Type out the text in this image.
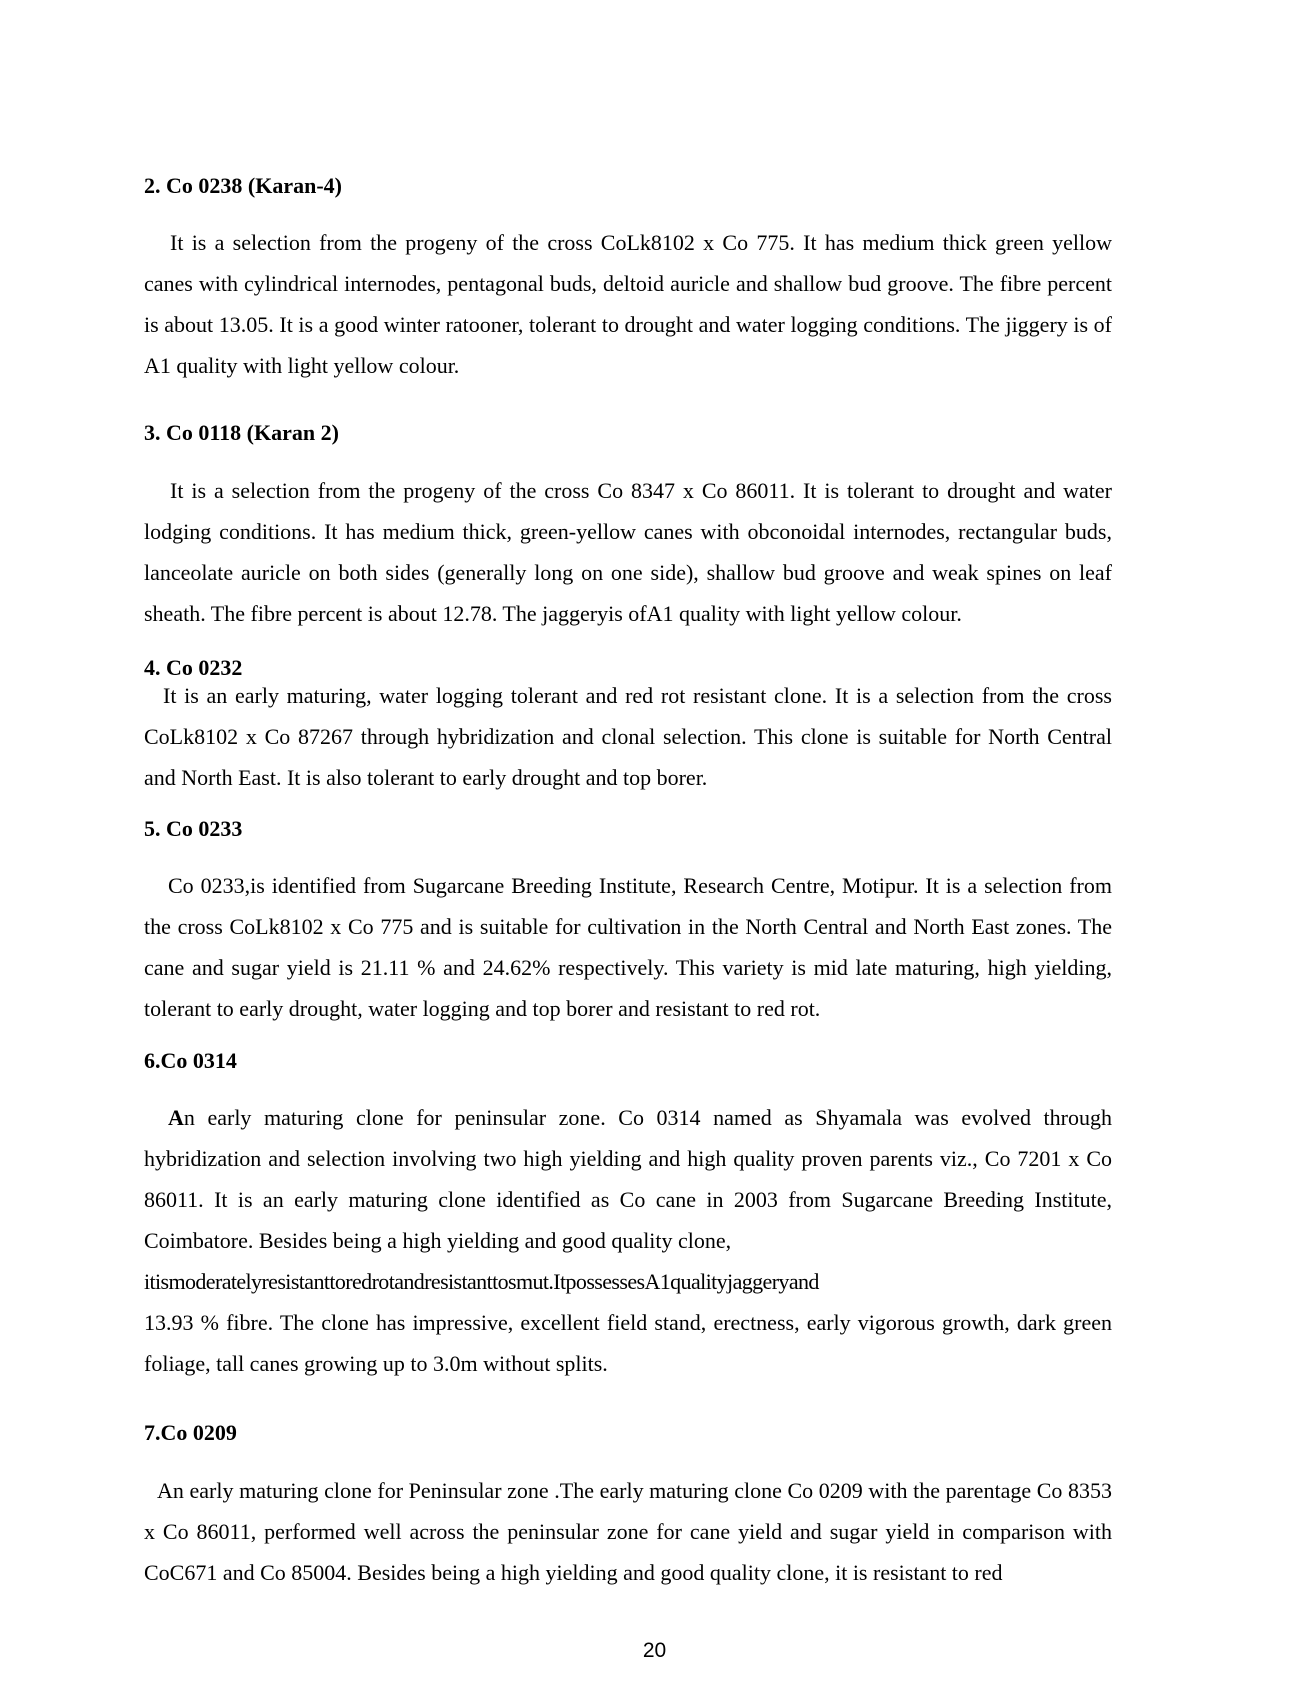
2. Co 0238 (Karan-4)

It is a selection from the progeny of the cross CoLk8102 x Co 775. It has medium thick green yellow canes with cylindrical internodes, pentagonal buds, deltoid auricle and shallow bud groove. The fibre percent is about 13.05. It is a good winter ratooner, tolerant to drought and water logging conditions. The jiggery is of A1 quality with light yellow colour.

3. Co 0118 (Karan 2)

It is a selection from the progeny of the cross Co 8347 x Co 86011. It is tolerant to drought and water lodging conditions. It has medium thick, green-yellow canes with obconoidal internodes, rectangular buds, lanceolate auricle on both sides (generally long on one side), shallow bud groove and weak spines on leaf sheath. The fibre percent is about 12.78. The jaggeryis ofA1 quality with light yellow colour.

4. Co 0232

It is an early maturing, water logging tolerant and red rot resistant clone. It is a selection from the cross CoLk8102 x Co 87267 through hybridization and clonal selection. This clone is suitable for North Central and North East. It is also tolerant to early drought and top borer.

5. Co 0233

Co 0233,is identified from Sugarcane Breeding Institute, Research Centre, Motipur. It is a selection from the cross CoLk8102 x Co 775 and is suitable for cultivation in the North Central and North East zones. The cane and sugar yield is 21.11 % and 24.62% respectively. This variety is mid late maturing, high yielding, tolerant to early drought, water logging and top borer and resistant to red rot.

6.Co 0314

An early maturing clone for peninsular zone. Co 0314 named as Shyamala was evolved through hybridization and selection involving two high yielding and high quality proven parents viz., Co 7201 x Co 86011. It is an early maturing clone identified as Co cane in 2003 from Sugarcane Breeding Institute, Coimbatore. Besides being a high yielding and good quality clone,

itismoderatelyresistanttoredrotandresistanttosmut.ItpossessesA1qualityjaggeryand

13.93 % fibre. The clone has impressive, excellent field stand, erectness, early vigorous growth, dark green foliage, tall canes growing up to 3.0m without splits.

7.Co 0209

An early maturing clone for Peninsular zone .The early maturing clone Co 0209 with the parentage Co 8353 x Co 86011, performed well across the peninsular zone for cane yield and sugar yield in comparison with CoC671 and Co 85004. Besides being a high yielding and good quality clone, it is resistant to red

20
